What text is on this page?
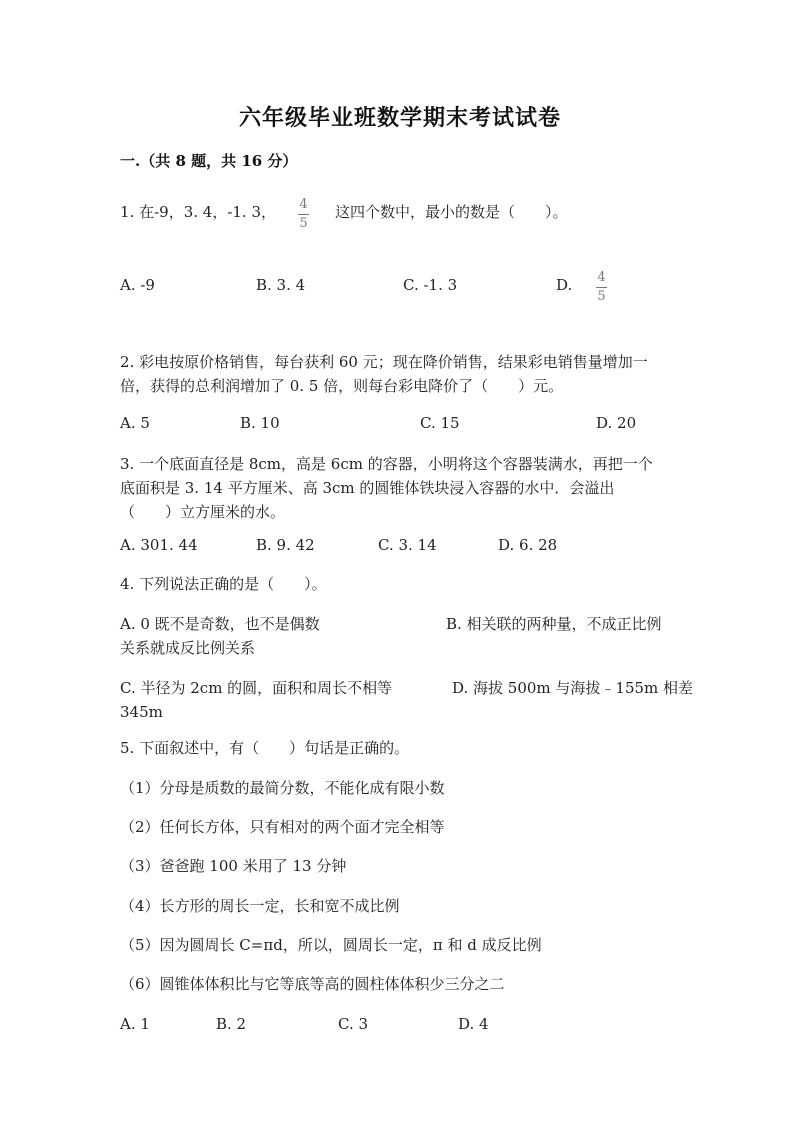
六年级毕业班数学期末考试试卷
一.（共 8 题，共 16 分）
1. 在-9，3. 4，-1. 3， 4
5
这四个数中，最小的数是（　　）。
A. -9	B. 3. 4	C. -1. 3	D. 4
5
2. 彩电按原价格销售，每台获利 60 元；现在降价销售，结果彩电销售量增加一
倍，获得的总利润增加了 0. 5 倍，则每台彩电降价了（　　）元。
A. 5	B. 10	C. 15	D. 20
3. 一个底面直径是 8cm，高是 6cm 的容器，小明将这个容器装满水，再把一个
底面积是 3. 14 平方厘米、高 3cm 的圆锥体铁块浸入容器的水中．会溢出
（　　）立方厘米的水。
A. 301. 44	B. 9. 42	C. 3. 14	D. 6. 28
4. 下列说法正确的是（　　）。
A. 0 既不是奇数，也不是偶数	B. 相关联的两种量，不成正比例
关系就成反比例关系
C. 半径为 2cm 的圆，面积和周长不相等	D. 海拔 500m 与海拔﹣155m 相差
345m
5. 下面叙述中，有（　　）句话是正确的。
（1）分母是质数的最简分数，不能化成有限小数
（2）任何长方体，只有相对的两个面才完全相等
（3）爸爸跑 100 米用了 13 分钟
（4）长方形的周长一定，长和宽不成比例
（5）因为圆周长 C=πd，所以，圆周长一定，π 和 d 成反比例
（6）圆锥体体积比与它等底等高的圆柱体体积少三分之二
A. 1	B. 2	C. 3	D. 4
